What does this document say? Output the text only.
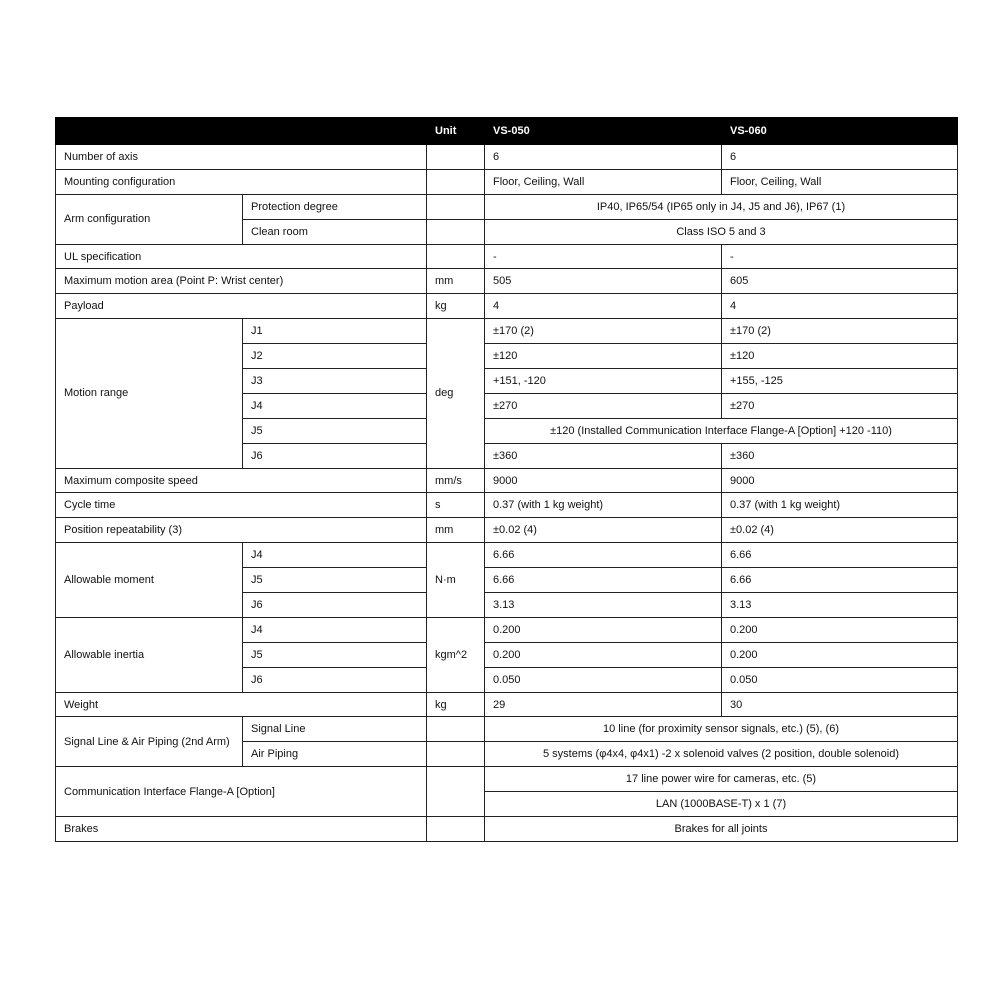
		Unit	VS-050	VS-060
Number of axis			6	6
Mounting configuration			Floor, Ceiling, Wall	Floor, Ceiling, Wall
Arm configuration	Protection degree		IP40, IP65/54 (IP65 only in J4, J5 and J6), IP67 (1)	
	Clean room		Class ISO 5 and 3	
UL specification			-	-
Maximum motion area (Point P: Wrist center)		mm	505	605
Payload		kg	4	4
Motion range	J1	deg	±170 (2)	±170 (2)
	J2		±120	±120
	J3		+151, -120	+155, -125
	J4		±270	±270
	J5		±120 (Installed Communication Interface Flange-A [Option] +120 -110)	
	J6		±360	±360
Maximum composite speed		mm/s	9000	9000
Cycle time		s	0.37 (with 1 kg weight)	0.37 (with 1 kg weight)
Position repeatability (3)		mm	±0.02 (4)	±0.02 (4)
Allowable moment	J4	N·m	6.66	6.66
	J5		6.66	6.66
	J6		3.13	3.13
Allowable inertia	J4	kgm^2	0.200	0.200
	J5		0.200	0.200
	J6		0.050	0.050
Weight		kg	29	30
Signal Line & Air Piping (2nd Arm)	Signal Line		10 line (for proximity sensor signals, etc.) (5), (6)	
	Air Piping		5 systems (φ4x4, φ4x1) -2 x solenoid valves (2 position, double solenoid)	
Communication Interface Flange-A [Option]			17 line power wire for cameras, etc. (5)	
			LAN (1000BASE-T) x 1 (7)	
Brakes			Brakes for all joints	
